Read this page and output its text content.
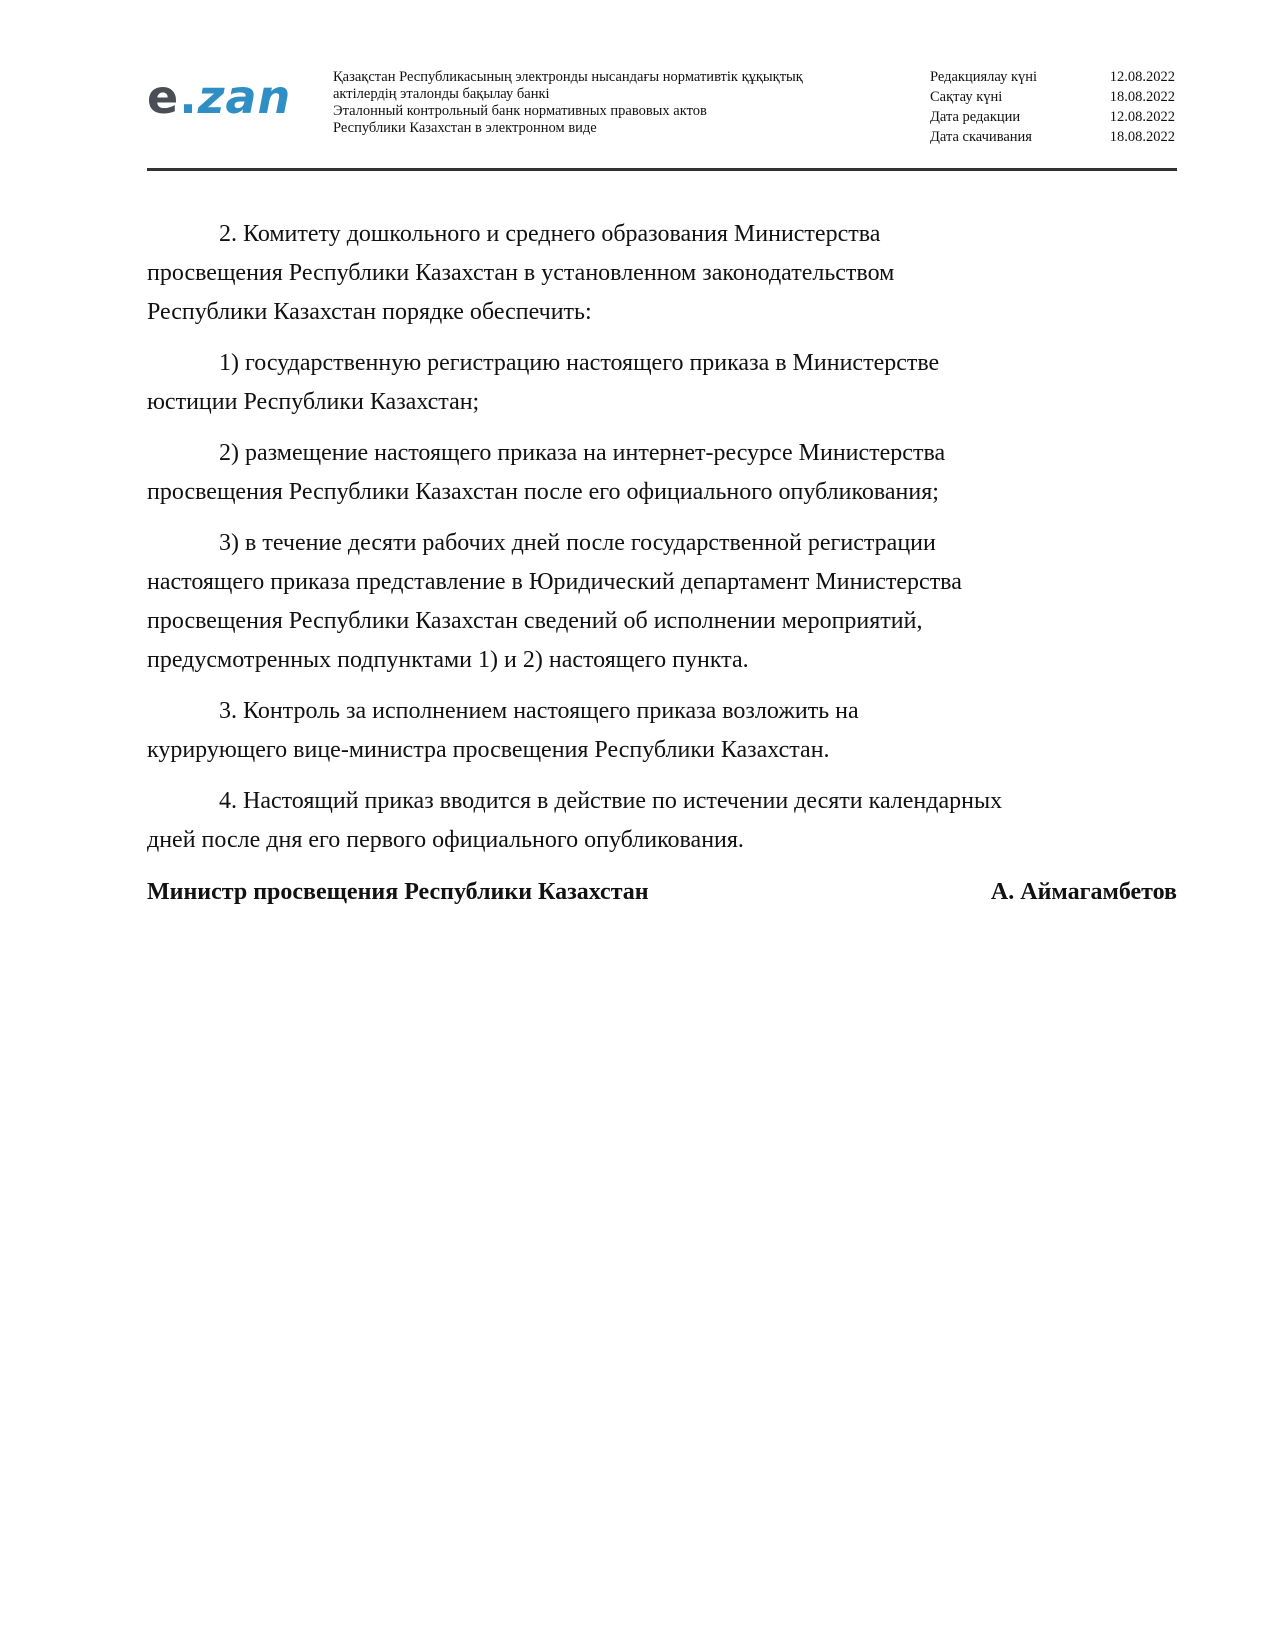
e.zan	Қазақстан Республикасының электронды нысандағы нормативтік құқықтық
актілердің эталонды бақылау банкі
Эталонный контрольный банк нормативных правовых актов
Республики Казахстан в электронном виде
Редакциялау күні	12.08.2022
Сақтау күні	18.08.2022
Дата редакции	12.08.2022
Дата скачивания	18.08.2022
2. Комитету дошкольного и среднего образования Министерства
просвещения Республики Казахстан в установленном законодательством
Республики Казахстан порядке обеспечить:
1) государственную регистрацию настоящего приказа в Министерстве
юстиции Республики Казахстан;
2) размещение настоящего приказа на интернет-ресурсе Министерства
просвещения Республики Казахстан после его официального опубликования;
3) в течение десяти рабочих дней после государственной регистрации
настоящего приказа представление в Юридический департамент Министерства
просвещения Республики Казахстан сведений об исполнении мероприятий,
предусмотренных подпунктами 1) и 2) настоящего пункта.
3. Контроль за исполнением настоящего приказа возложить на
курирующего вице-министра просвещения Республики Казахстан.
4. Настоящий приказ вводится в действие по истечении десяти календарных
дней после дня его первого официального опубликования.
Министр просвещения Республики Казахстан	А. Аймагамбетов
